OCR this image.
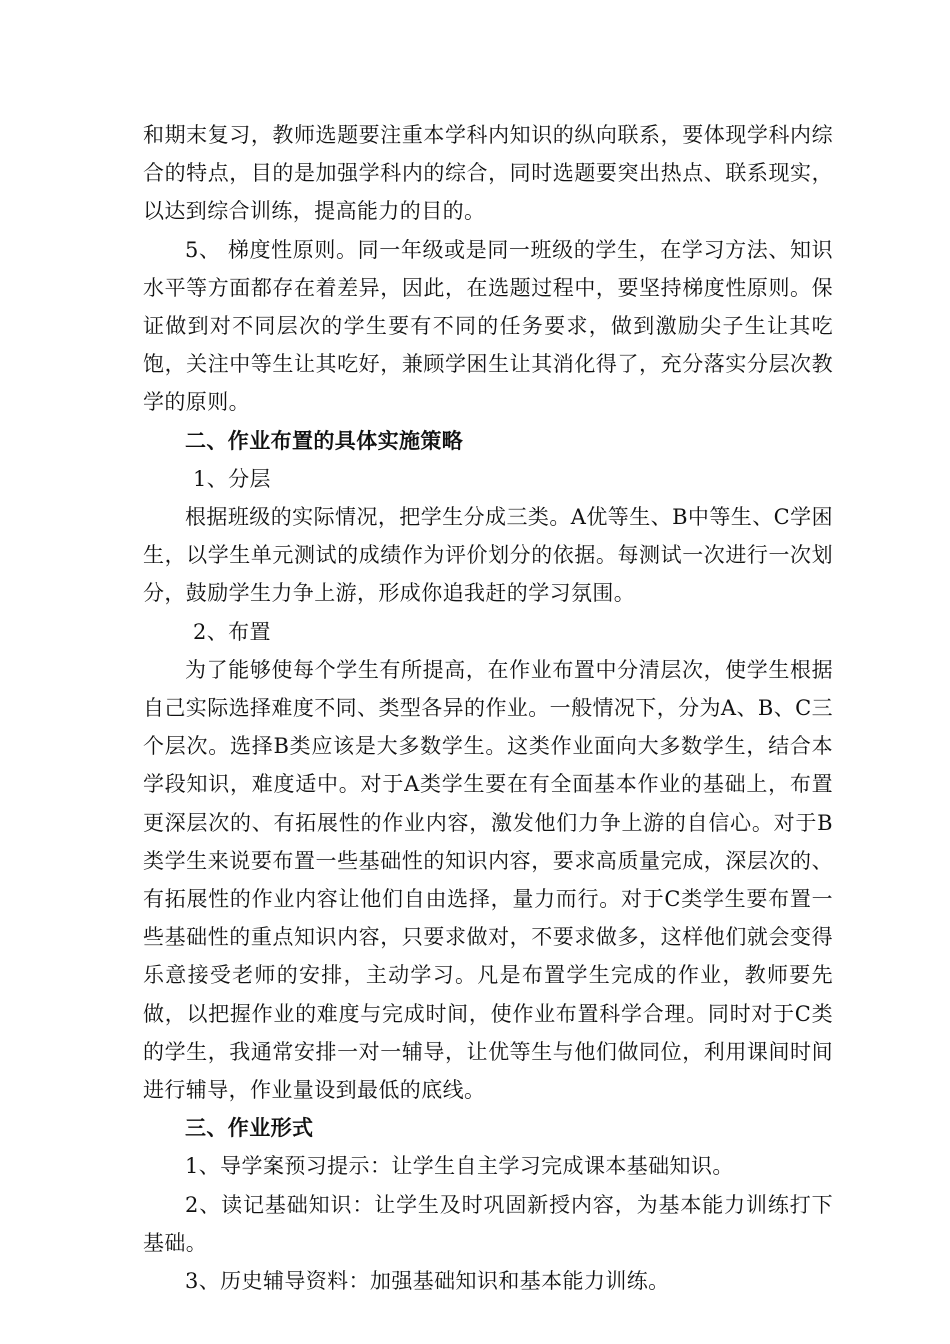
和期末复习，教师选题要注重本学科内知识的纵向联系，要体现学科内综合的特点，目的是加强学科内的综合，同时选题要突出热点、联系现实，以达到综合训练，提高能力的目的。

5、 梯度性原则。同一年级或是同一班级的学生，在学习方法、知识水平等方面都存在着差异，因此，在选题过程中，要坚持梯度性原则。保证做到对不同层次的学生要有不同的任务要求，做到激励尖子生让其吃饱，关注中等生让其吃好，兼顾学困生让其消化得了，充分落实分层次教学的原则。

二、作业布置的具体实施策略

1、分层

根据班级的实际情况，把学生分成三类。A优等生、B中等生、C学困生，以学生单元测试的成绩作为评价划分的依据。每测试一次进行一次划分，鼓励学生力争上游，形成你追我赶的学习氛围。

2、布置

为了能够使每个学生有所提高，在作业布置中分清层次，使学生根据自己实际选择难度不同、类型各异的作业。一般情况下，分为A、B、C三个层次。选择B类应该是大多数学生。这类作业面向大多数学生，结合本学段知识，难度适中。对于A类学生要在有全面基本作业的基础上，布置更深层次的、有拓展性的作业内容，激发他们力争上游的自信心。对于B类学生来说要布置一些基础性的知识内容，要求高质量完成，深层次的、有拓展性的作业内容让他们自由选择，量力而行。对于C类学生要布置一些基础性的重点知识内容，只要求做对，不要求做多，这样他们就会变得乐意接受老师的安排，主动学习。凡是布置学生完成的作业，教师要先做，以把握作业的难度与完成时间，使作业布置科学合理。同时对于C类的学生，我通常安排一对一辅导，让优等生与他们做同位，利用课间时间进行辅导，作业量设到最低的底线。

三、作业形式

1、导学案预习提示：让学生自主学习完成课本基础知识。

2、读记基础知识：让学生及时巩固新授内容，为基本能力训练打下基础。

3、历史辅导资料：加强基础知识和基本能力训练。
